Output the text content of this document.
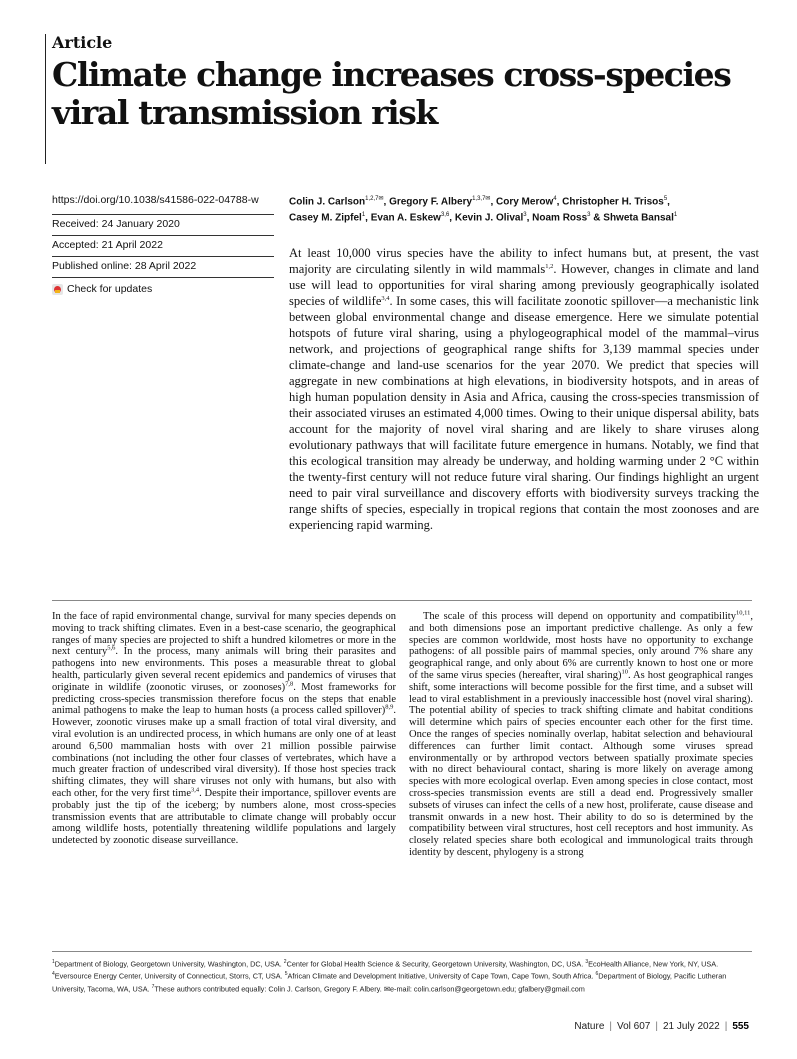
Article
Climate change increases cross-species viral transmission risk
https://doi.org/10.1038/s41586-022-04788-w
Received: 24 January 2020
Accepted: 21 April 2022
Published online: 28 April 2022
Check for updates
Colin J. Carlson$^{1,2,7✉}$, Gregory F. Albery$^{1,3,7✉}$, Cory Merow$^4$, Christopher H. Trisos$^5$,
Casey M. Zipfel$^1$, Evan A. Eskew$^{3,6}$, Kevin J. Olival$^3$, Noam Ross$^3$ & Shweta Bansal$^1$

At least 10,000 virus species have the ability to infect humans but, at present, the vast majority are circulating silently in wild mammals$^{1,2}$. However, changes in climate and land use will lead to opportunities for viral sharing among previously geographically isolated species of wildlife$^{3,4}$. In some cases, this will facilitate zoonotic spillover—a mechanistic link between global environmental change and disease emergence. Here we simulate potential hotspots of future viral sharing, using a phylogeographical model of the mammal–virus network, and projections of geographical range shifts for 3,139 mammal species under climate-change and land-use scenarios for the year 2070. We predict that species will aggregate in new combinations at high elevations, in biodiversity hotspots, and in areas of high human population density in Asia and Africa, causing the cross-species transmission of their associated viruses an estimated 4,000 times. Owing to their unique dispersal ability, bats account for the majority of novel viral sharing and are likely to share viruses along evolutionary pathways that will facilitate future emergence in humans. Notably, we find that this ecological transition may already be underway, and holding warming under 2 °C within the twenty-first century will not reduce future viral sharing. Our findings highlight an urgent need to pair viral surveillance and discovery efforts with biodiversity surveys tracking the range shifts of species, especially in tropical regions that contain the most zoonoses and are experiencing rapid warming.

In the face of rapid environmental change, survival for many species depends on moving to track shifting climates. Even in a best-case scenario, the geographical ranges of many species are projected to shift a hundred kilometres or more in the next century$^{5,6}$. In the process, many animals will bring their parasites and pathogens into new environments. This poses a measurable threat to global health, particularly given several recent epidemics and pandemics of viruses that originate in wildlife (zoonotic viruses, or zoonoses)$^{7,8}$. Most frameworks for predicting cross-species transmission therefore focus on the steps that enable animal pathogens to make the leap to human hosts (a process called spillover)$^{8,9}$. However, zoonotic viruses make up a small fraction of total viral diversity, and viral evolution is an undirected process, in which humans are only one of at least around 6,500 mammalian hosts with over 21 million possible pairwise combinations (not including the other four classes of vertebrates, which have a much greater fraction of undescribed viral diversity). If those host species track shifting climates, they will share viruses not only with humans, but also with each other, for the very first time$^{3,4}$. Despite their importance, spillover events are probably just the tip of the iceberg; by numbers alone, most cross-species transmission events that are attributable to climate change will probably occur among wildlife hosts, potentially threatening wildlife populations and largely undetected by zoonotic disease surveillance.

The scale of this process will depend on opportunity and compatibility$^{10,11}$, and both dimensions pose an important predictive challenge. As only a few species are common worldwide, most hosts have no opportunity to exchange pathogens: of all possible pairs of mammal species, only around 7% share any geographical range, and only about 6% are currently known to host one or more of the same virus species (hereafter, viral sharing)$^{10}$. As host geographical ranges shift, some interactions will become possible for the first time, and a subset will lead to viral establishment in a previously inaccessible host (novel viral sharing). The potential ability of species to track shifting climate and habitat conditions will determine which pairs of species encounter each other for the first time. Once the ranges of species nominally overlap, habitat selection and behavioural differences can further limit contact. Although some viruses spread environmentally or by arthropod vectors between spatially proximate species with no direct behavioural contact, sharing is more likely on average among species with more ecological overlap. Even among species in close contact, most cross-species transmission events are still a dead end. Progressively smaller subsets of viruses can infect the cells of a new host, proliferate, cause disease and transmit onwards in a new host. Their ability to do so is determined by the compatibility between viral structures, host cell receptors and host immunity. As closely related species share both ecological and immunological traits through identity by descent, phylogeny is a strong

$^1$Department of Biology, Georgetown University, Washington, DC, USA. $^2$Center for Global Health Science & Security, Georgetown University, Washington, DC, USA. $^3$EcoHealth Alliance, New York, NY, USA. $^4$Eversource Energy Center, University of Connecticut, Storrs, CT, USA. $^5$African Climate and Development Initiative, University of Cape Town, Cape Town, South Africa. $^6$Department of Biology, Pacific Lutheran University, Tacoma, WA, USA. $^7$These authors contributed equally: Colin J. Carlson, Gregory F. Albery. ✉e-mail: colin.carlson@georgetown.edu; gfalbery@gmail.com

Nature | Vol 607 | 21 July 2022 | 555
